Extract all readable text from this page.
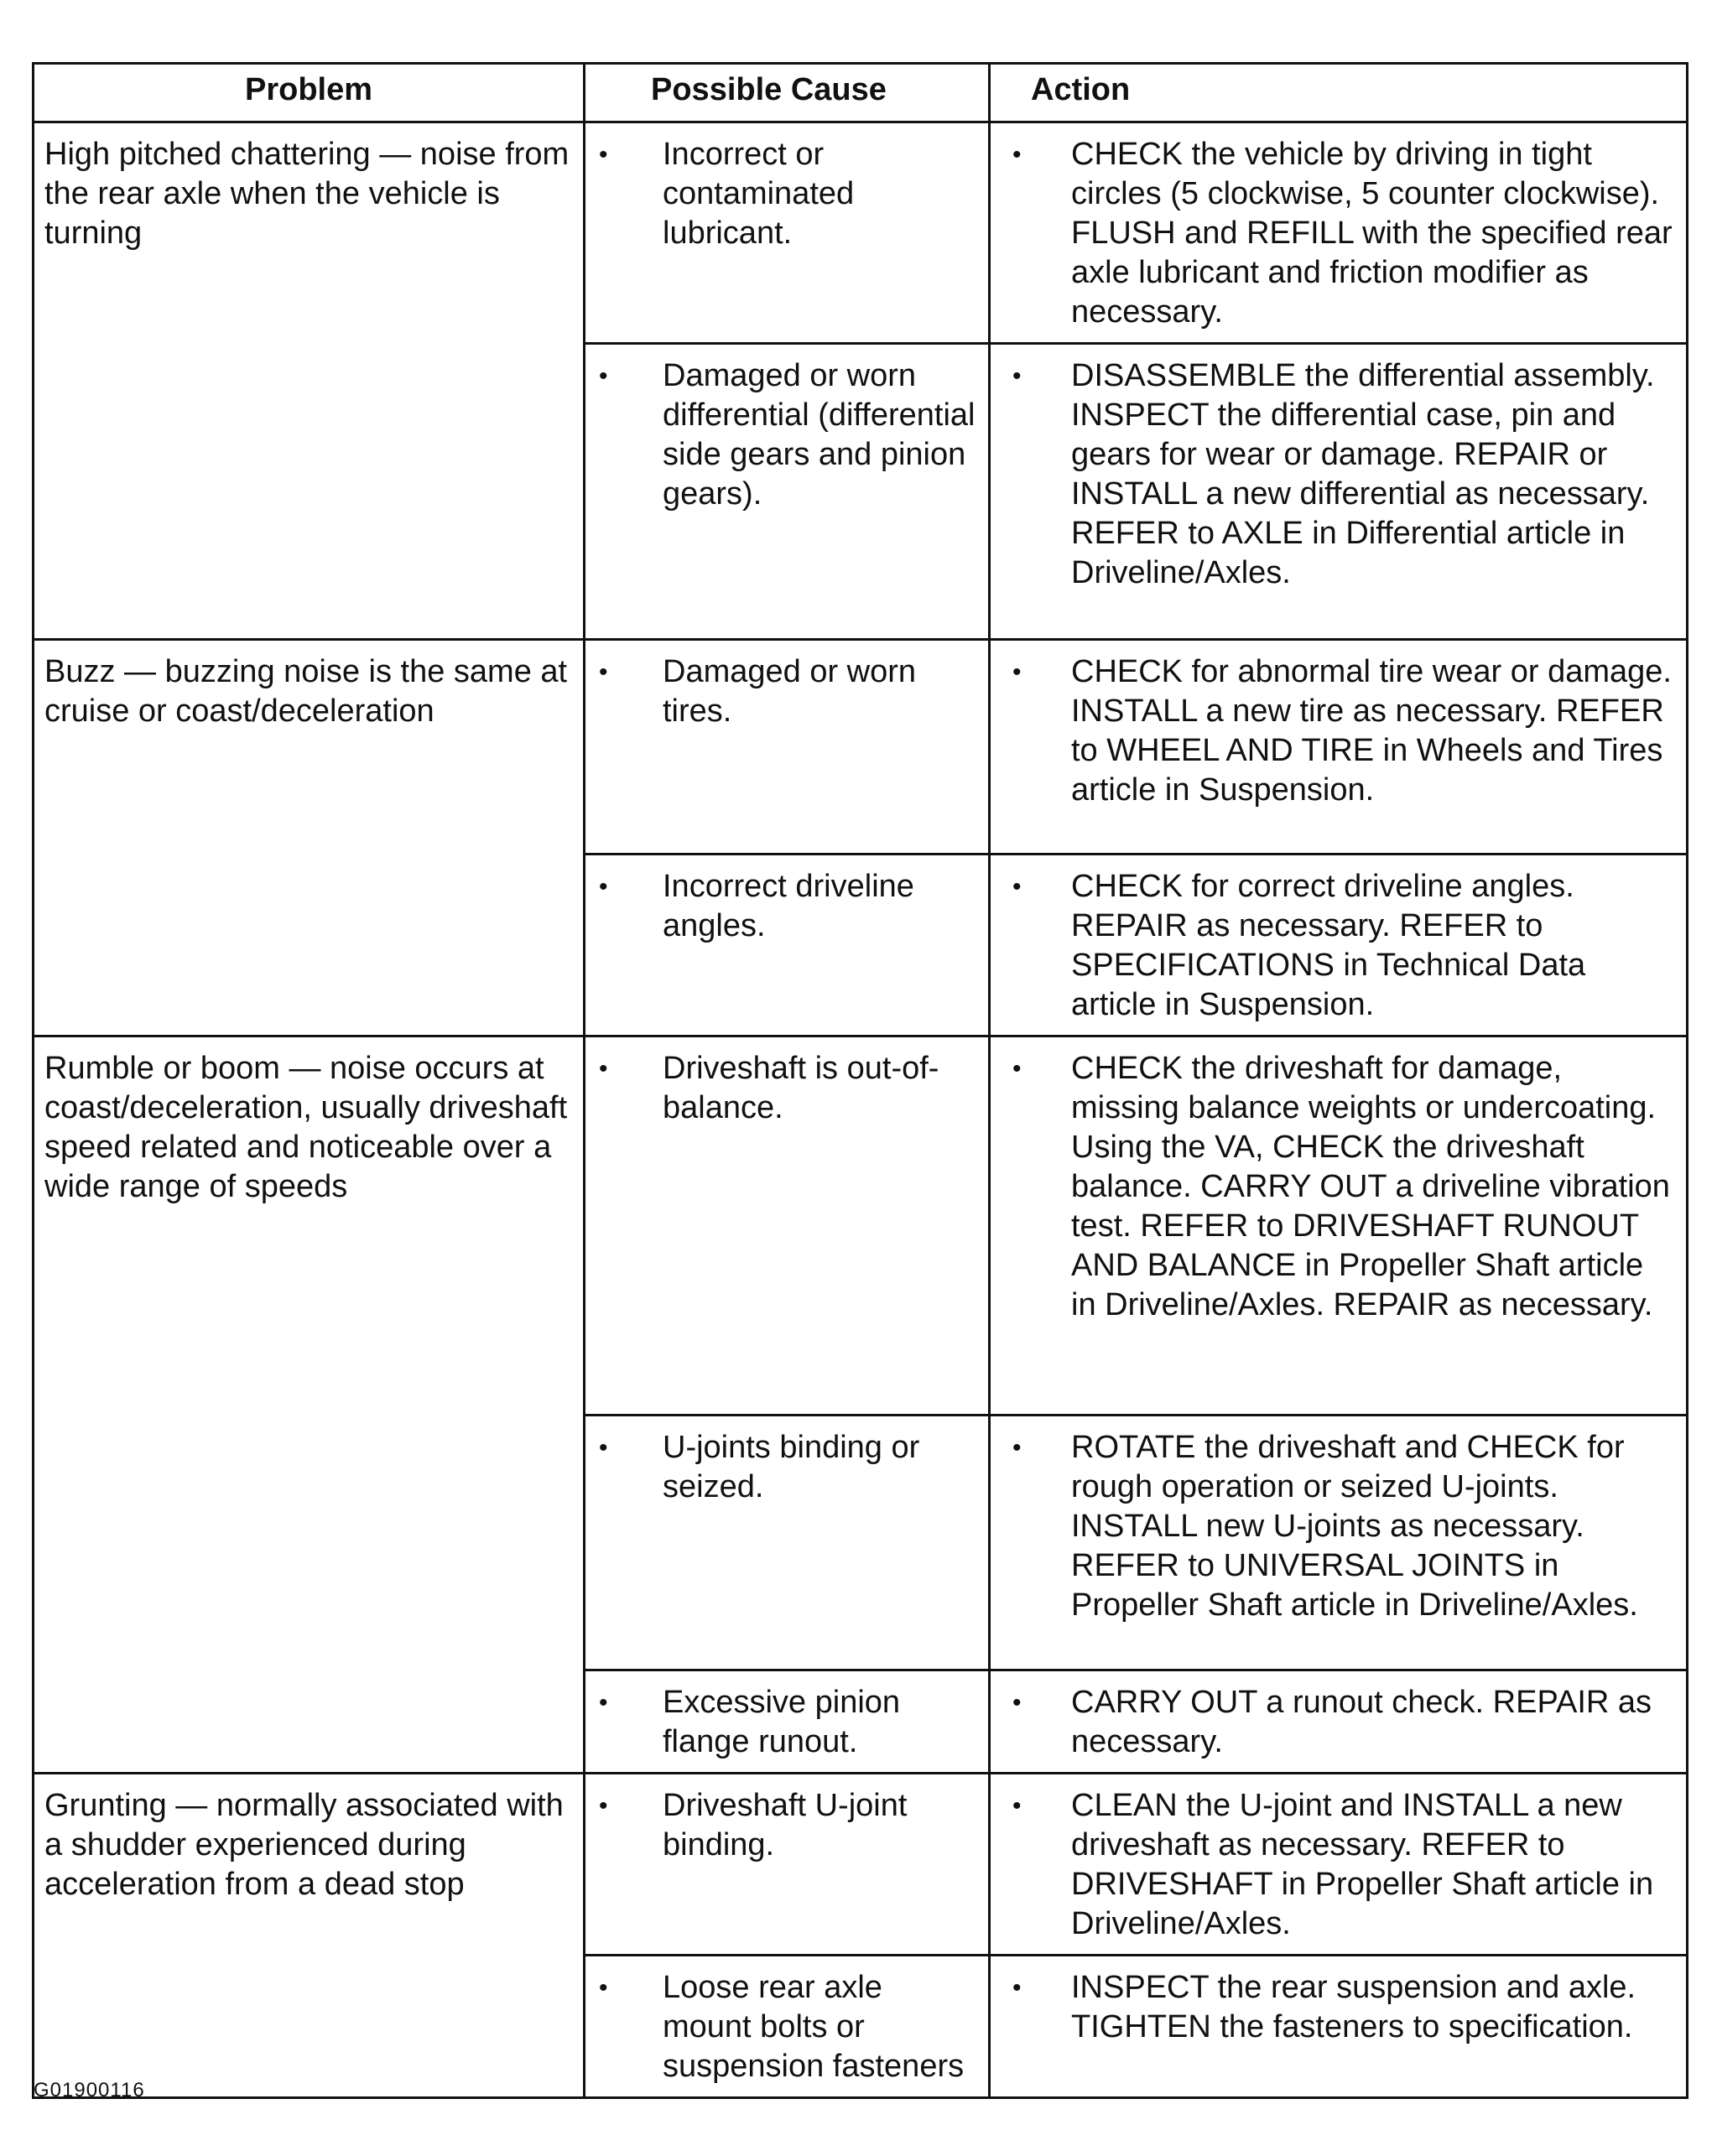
Problem	Possible Cause	Action
High pitched chattering — noise from the rear axle when the vehicle is turning	• Incorrect or contaminated lubricant.	• CHECK the vehicle by driving in tight circles (5 clockwise, 5 counter clockwise). FLUSH and REFILL with the specified rear axle lubricant and friction modifier as necessary.

	• Damaged or worn differential (differential side gears and pinion gears).	• DISASSEMBLE the differential assembly. INSPECT the differential case, pin and gears for wear or damage. REPAIR or INSTALL a new differential as necessary. REFER to AXLE in Differential article in Driveline/Axles.

Buzz — buzzing noise is the same at cruise or coast/deceleration	• Damaged or worn tires.	• CHECK for abnormal tire wear or damage. INSTALL a new tire as necessary. REFER to WHEEL AND TIRE in Wheels and Tires article in Suspension.

	• Incorrect driveline angles.	• CHECK for correct driveline angles. REPAIR as necessary. REFER to SPECIFICATIONS in Technical Data article in Suspension.

Rumble or boom — noise occurs at coast/deceleration, usually driveshaft speed related and noticeable over a wide range of speeds	• Driveshaft is out-of-balance.	• CHECK the driveshaft for damage, missing balance weights or undercoating. Using the VA, CHECK the driveshaft balance. CARRY OUT a driveline vibration test. REFER to DRIVESHAFT RUNOUT AND BALANCE in Propeller Shaft article in Driveline/Axles. REPAIR as necessary.

	• U-joints binding or seized.	• ROTATE the driveshaft and CHECK for rough operation or seized U-joints. INSTALL new U-joints as necessary. REFER to UNIVERSAL JOINTS in Propeller Shaft article in Driveline/Axles.

	• Excessive pinion flange runout.	• CARRY OUT a runout check. REPAIR as necessary.

Grunting — normally associated with a shudder experienced during acceleration from a dead stop	• Driveshaft U-joint binding.	• CLEAN the U-joint and INSTALL a new driveshaft as necessary. REFER to DRIVESHAFT in Propeller Shaft article in Driveline/Axles.

	• Loose rear axle mount bolts or suspension fasteners	• INSPECT the rear suspension and axle. TIGHTEN the fasteners to specification.
G01900116
